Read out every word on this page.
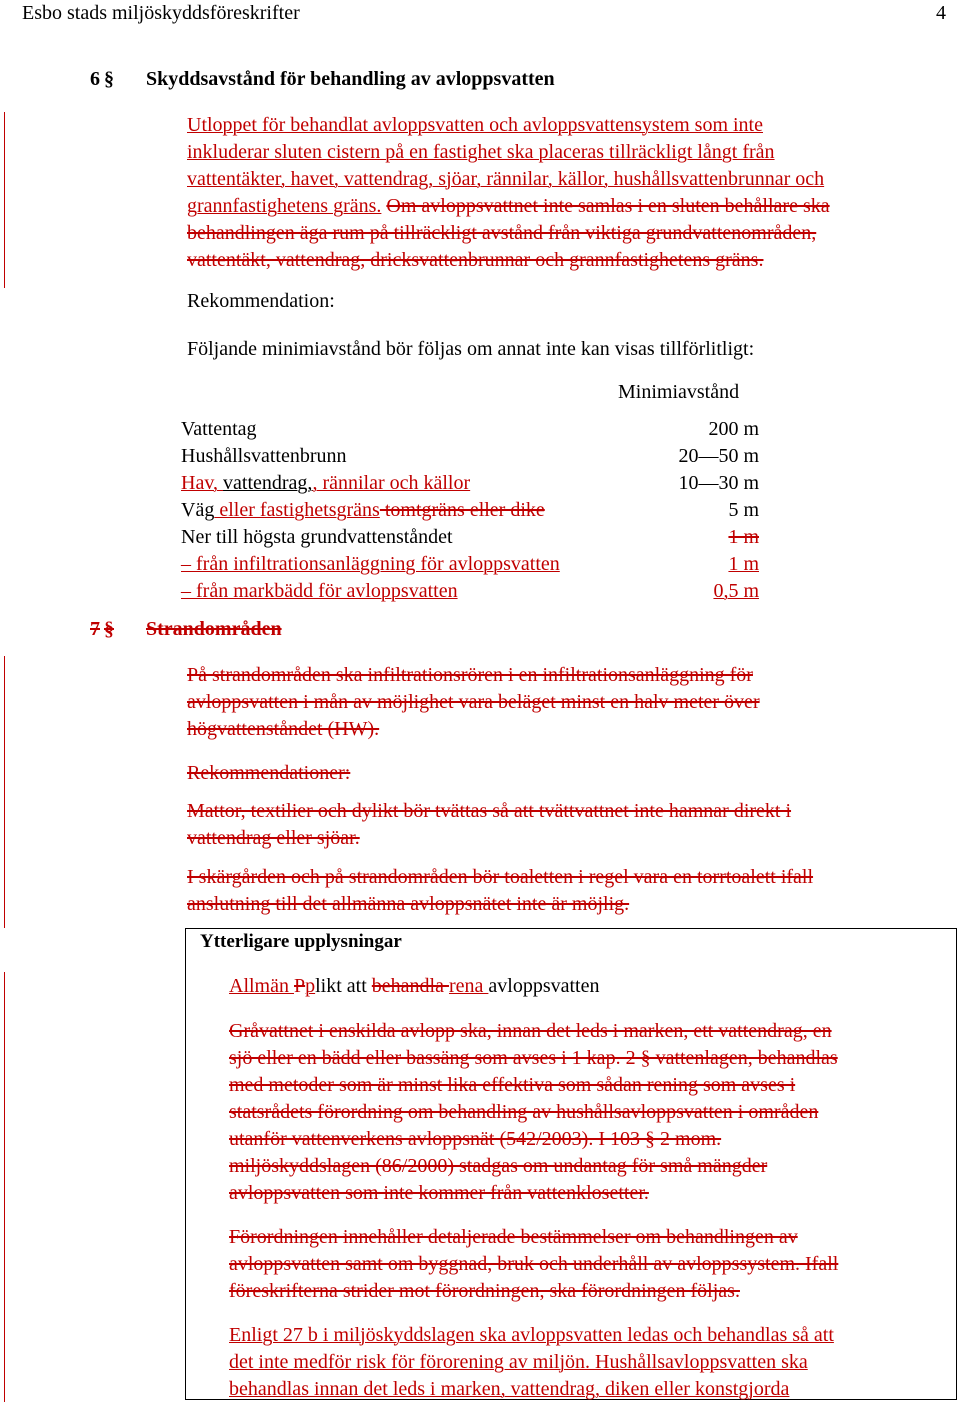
Esbo stads miljöskyddsföreskrifter	4
6 § Skyddsavstånd för behandling av avloppsvatten
Utloppet för behandlat avloppsvatten och avloppsvattensystem som inte
inkluderar sluten cistern på en fastighet ska placeras tillräckligt långt från
vattentäkter, havet, vattendrag, sjöar, rännilar, källor, hushållsvattenbrunnar och
grannfastighetens gräns. Om avloppsvattnet inte samlas i en sluten behållare ska
behandlingen äga rum på tillräckligt avstånd från viktiga grundvattenområden,
vattentäkt, vattendrag, dricksvattenbrunnar och grannfastighetens gräns.
Rekommendation:
Följande minimiavstånd bör följas om annat inte kan visas tillförlitligt:
Minimiavstånd
Vattentag	200 m
Hushållsvattenbrunn	20—50 m
Hav, vattendrag,, rännilar och källor	10—30 m
Väg eller fastighetsgräns tomtgräns eller dike	5 m
Ner till högsta grundvattenståndet	1 m
– från infiltrationsanläggning för avloppsvatten	1 m
– från markbädd för avloppsvatten	0,5 m
7 §	Strandområden
På strandområden ska infiltrationsrören i en infiltrationsanläggning för
avloppsvatten i mån av möjlighet vara beläget minst en halv meter över
högvattenståndet (HW).
Rekommendationer:
Mattor, textilier och dylikt bör tvättas så att tvättvattnet inte hamnar direkt i
vattendrag eller sjöar.
I skärgården och på strandområden bör toaletten i regel vara en torrtoalett ifall
anslutning till det allmänna avloppsnätet inte är möjlig.
Ytterligare upplysningar
Allmän Pplikt att behandla rena avloppsvatten
Gråvattnet i enskilda avlopp ska, innan det leds i marken, ett vattendrag, en
sjö eller en bädd eller bassäng som avses i 1 kap. 2 § vattenlagen, behandlas
med metoder som är minst lika effektiva som sådan rening som avses i
statsrådets förordning om behandling av hushållsavloppsvatten i områden
utanför vattenverkens avloppsnät (542/2003). I 103 § 2 mom.
miljöskyddslagen (86/2000) stadgas om undantag för små mängder
avloppsvatten som inte kommer från vattenklosetter.
Förordningen innehåller detaljerade bestämmelser om behandlingen av
avloppsvatten samt om byggnad, bruk och underhåll av avloppssystem. Ifall
föreskrifterna strider mot förordningen, ska förordningen följas.
Enligt 27 b i miljöskyddslagen ska avloppsvatten ledas och behandlas så att
det inte medför risk för förorening av miljön. Hushållsavloppsvatten ska
behandlas innan det leds i marken, vattendrag, diken eller konstgjorda
